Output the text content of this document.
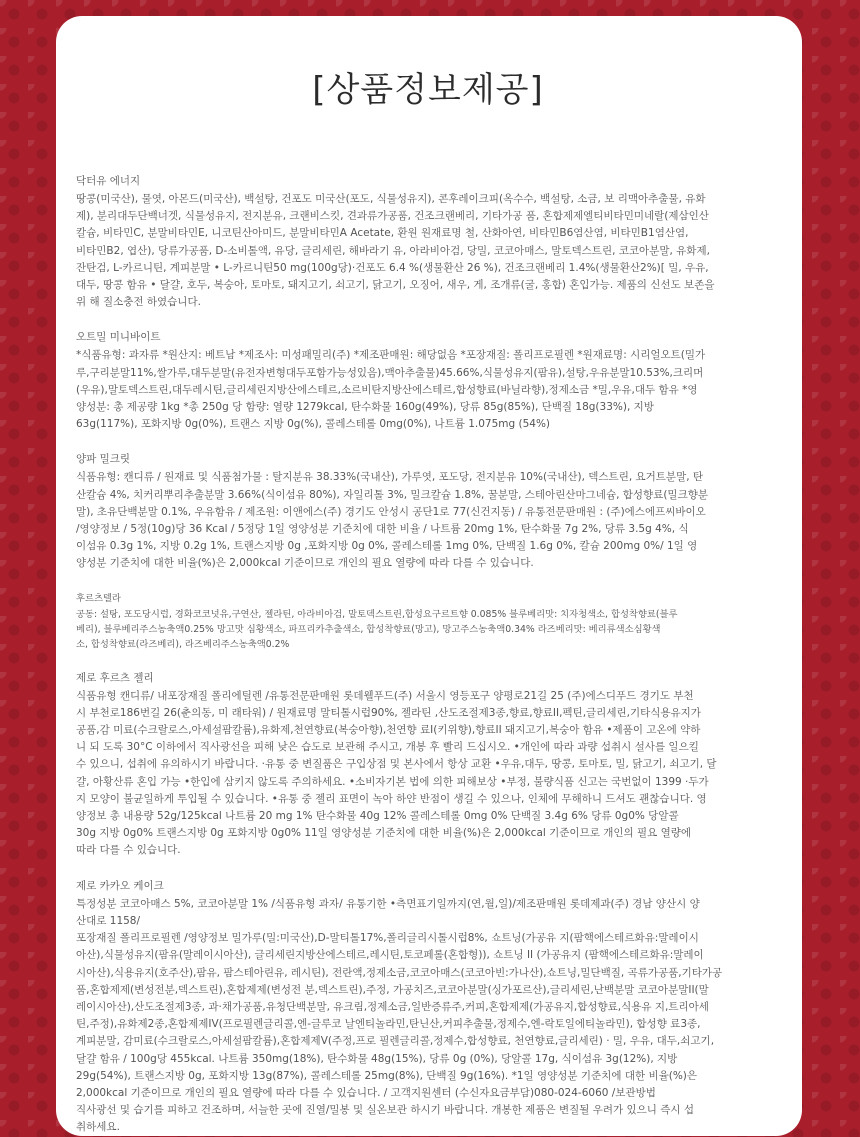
[상품정보제공]

닥터유 에너지

땅콩(미국산), 물엿, 아몬드(미국산), 백설탕, 건포도 미국산(포도, 식물성유지), 콘후레이크피(옥수수, 백설탕, 소금, 보 리맥아추출물, 유화
제), 분리대두단백너겟, 식물성유지, 전지분유, 크랜비스킷, 견과류가공품, 건조크랜베리, 기타가공 품, 혼합제제엘티비타민미네랄(제삼인산
칼슘, 비타민C, 분말비타민E, 니코틴산아미드, 분말비타민A Acetate, 환원 원재료명 철, 산화아연, 비타민B6염산염, 비타민B1염산염,
비타민B2, 엽산), 당류가공품, D-소비톨액, 유당, 글리세린, 해바라기 유, 아라비아검, 당밀, 코코아매스, 말토덱스트린, 코코아분말, 유화제,
잔탄검, L-카르니틴, 계피분말 • L-카르니틴50 mg(100g당)·건포도 6.4 %(생물환산 26 %), 건조크랜베리 1.4%(생물환산2%)[ 밀, 우유,
대두, 땅콩 함유 • 달걀, 호두, 복숭아, 토마토, 돼지고기, 쇠고기, 닭고기, 오징어, 새우, 게, 조개류(굴, 홍합) 혼입가능. 제품의 신선도 보존을
위 해 질소충전 하였습니다.

오트밀 미니바이트

*식품유형: 과자류 *원산지: 베트남 *제조사: 미성패밀리(주) *제조판매원: 해당없음 *포장재질: 폴리프로필렌 *원재료명: 시리얼오트(밀가
루,구리분말11%,쌀가루,대두분말(유전자변형대두포함가능성있음),맥아추출물)45.66%,식물성유지(팜유),설탕,우유분말10.53%,크리머
(우유),말토덱스트린,대두레시틴,글리세린지방산에스테르,소르비탄지방산에스테르,합성향료(바닐라향),정제소금 *밀,우유,대두 함유 *영
양성분: 총 제공량 1kg *총 250g 당 함량: 열량 1279kcal, 탄수화물 160g(49%), 당류 85g(85%), 단백질 18g(33%), 지방
63g(117%), 포화지방 0g(0%), 트랜스 지방 0g(%), 콜레스테롤 0mg(0%), 나트륨 1.075mg (54%)

양파 밀크릿

식품유형: 캔디류 / 원재료 및 식품첨가물 : 탈지분유 38.33%(국내산), 가루엿, 포도당, 전지분유 10%(국내산), 덱스트린, 요거트분말, 탄
산칼슘 4%, 치커리뿌리추출분말 3.66%(식이섬유 80%), 자일리톨 3%, 밀크칼슘 1.8%, 꿀분말, 스테아린산마그네슘, 합성향료(밀크향분
말), 초유단백분말 0.1%, 우유함유 / 제조원: 이앤에스(주) 경기도 안성시 공단1로 77(신건지동) / 유통전문판매원 : (주)에스에프씨바이오
/영양정보 / 5정(10g)당 36 Kcal / 5정당 1일 영양성분 기준치에 대한 비율 / 나트륨 20mg 1%, 탄수화물 7g 2%, 당류 3.5g 4%, 식
이섬유 0.3g 1%, 지방 0.2g 1%, 트랜스지방 0g ,포화지방 0g 0%, 콜레스테롤 1mg 0%, 단백질 1.6g 0%, 칼슘 200mg 0%/ 1일 영
양성분 기준치에 대한 비율(%)은 2,000kcal 기준이므로 개인의 필요 열량에 따라 다를 수 있습니다.

후르츠텔라

공동: 설탕, 포도당시럽, 경화코코넛유,구연산, 젤라틴, 아라비아검, 말토덱스트린,합성요구르트향 0.085% 블루베리맛: 치자청색소, 합성착향료(블루
베리), 블루베리주스농축액0.25% 망고맛 심황색소, 파프리카추출색소, 합성착향료(망고), 망고주스농축액0.34% 라즈베리맛: 베리류색소심황색
소, 합성착향료(라즈베리), 라즈베리주스농축액0.2%

제로 후르츠 젤리

식품유형 캔디류/ 내포장재질 폴리에틸렌 /유통전문판매원 롯데웰푸드(주) 서울시 영등포구 양평로21길 25 (주)에스디푸드 경기도 부천
시 부천로186번길 26(춘의동, 미 래타워) / 원재료명 말티톨시럽90%, 젤라틴 ,산도조절제3종,향료,향료II,펙틴,글리세린,기타식용유지가
공품,감 미료(수크랄로스,아세설팜칼륨),유화제,천연향료(복숭아향),천연향 료I(키위향),향료II 돼지고기,복숭아 함유 •제품이 고온에 약하
니 되 도록 30°C 이하에서 직사광선을 피해 낮은 습도로 보관해 주시고, 개봉 후 빨리 드십시오. •개인에 따라 과량 섭취시 설사를 일으킬
수 있으니, 섭취에 유의하시기 바랍니다. ·유통 중 변질품은 구입상점 및 본사에서 항상 교환 •우유,대두, 땅콩, 토마토, 밀, 닭고기, 쇠고기, 달
걀, 아황산류 혼입 가능 •한입에 삼키지 않도록 주의하세요. •소비자기본 법에 의한 피해보상 •부정, 불량식품 신고는 국번없이 1399 ·두가
지 모양이 불균일하게 투입될 수 있습니다. •유통 중 젤리 표면이 녹아 하얀 반점이 생길 수 있으나, 인체에 무해하니 드셔도 괜찮습니다. 영
양정보 총 내용량 52g/125kcal 나트륨 20 mg 1% 탄수화물 40g 12% 콜레스테롤 0mg 0% 단백질 3.4g 6% 당류 0g0% 당알콜
30g 지방 0g0% 트랜스지방 0g 포화지방 0g0% 11일 영양성분 기준치에 대한 비율(%)은 2,000kcal 기준이므로 개인의 필요 열량에
따라 다를 수 있습니다.

제로 카카오 케이크

특정성분 코코아매스 5%, 코코아분말 1% /식품유형 과자/ 유통기한 •측면표기일까지(연,월,일)/제조판매원 롯데제과(주) 경남 양산시 양
산대로 1158/
포장재질 폴리프로필렌 /영양정보 밀가루(밀:미국산),D-말티톨17%,폴리글리시톨시럽8%, 쇼트닝(가공유 지(팜핵에스테르화유:말레이시
아산),식물성유지(팜유(말레이시아산), 글리세린지방산에스테르,레시틴,토코페롤(혼합형)), 쇼트닝 II (가공유지 (팜핵에스테르화유:말레이
시아산),식용유지(호주산),팜유, 팜스테아린유, 레시틴), 전란액,정제소금,코코아매스(코코아빈:가나산),쇼트닝,밀단백질, 곡류가공품,기타가공
품,혼합제제(변성전분,덱스트린),혼합제제(변성전 분,덱스트린),주정, 가공치즈,코코아분말(싱가포르산),글리세린,난백분말 코코아분말II(말
레이시아산),산도조절제3종, 과·채가공품,유청단백분말, 유크림,정제소금,일반증류주,커피,혼합제제(가공유지,합성향료,식용유 지,트리아세
틴,주정),유화제2종,혼합제제IV(프로필렌글리콜,엔-글루코 날엔티놀라민,탄닌산,커피추출물,정제수,엔-락토일에티놀라민), 합성향 료3종,
계피분말, 감미료(수크랄로스,아세설팜칼륨),혼합제제V(주정,프로 필렌글리콜,정제수,합성향료, 천연향료,글리세린) · 밀, 우유, 대두,쇠고기,
달걀 함유 / 100g당 455kcal. 나트륨 350mg(18%), 탄수화물 48g(15%), 당류 0g (0%), 당알콜 17g, 식이섬유 3g(12%), 지방
29g(54%), 트랜스지방 0g, 포화지방 13g(87%), 콜레스테롤 25mg(8%), 단백질 9g(16%). *1일 영양성분 기준치에 대한 비율(%)은
2,000kcal 기준이므로 개인의 필요 열량에 따라 다를 수 있습니다. / 고객지원센터 (수신자요금부담)080-024-6060 /보관방법
직사광선 및 습기를 피하고 건조하며, 서늘한 곳에 진열/밀봉 및 실온보관 하시기 바랍니다. 개봉한 제품은 변질될 우려가 있으니 즉시 섭
취하세요.
